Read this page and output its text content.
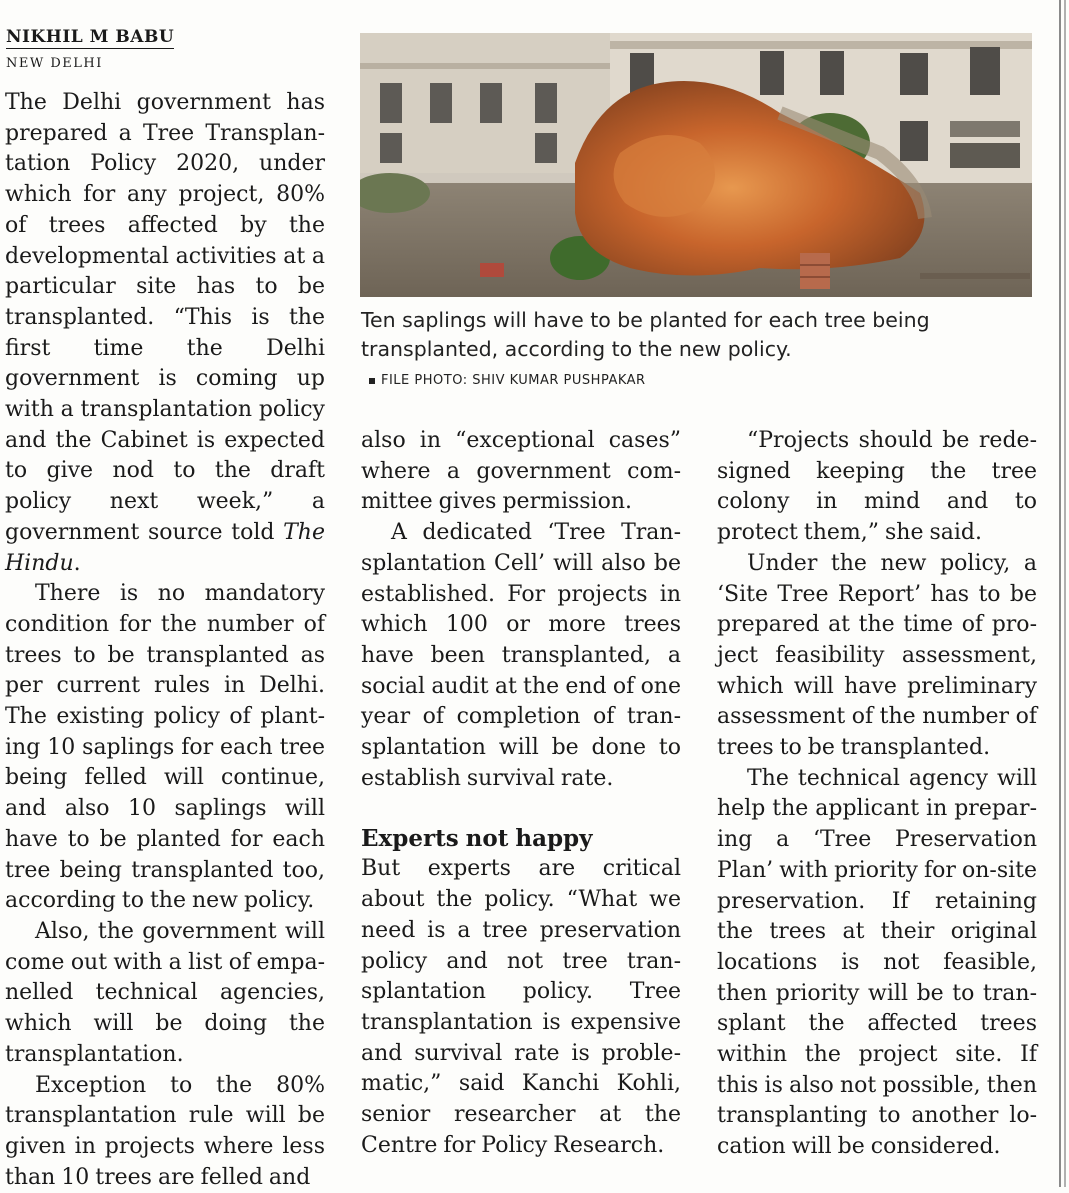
NIKHIL M BABU
NEW DELHI

The Delhi government has prepared a Tree Transplantation Policy 2020, under which for any project, 80% of trees affected by the developmental activities at a particular site has to be transplanted. “This is the first time the Delhi government is coming up with a transplantation policy and the Cabinet is expected to give nod to the draft policy next week,” a government source told The Hindu.

There is no mandatory condition for the number of trees to be transplanted as per current rules in Delhi. The existing policy of planting 10 saplings for each tree being felled will continue, and also 10 saplings will have to be planted for each tree being transplanted too, according to the new policy.

Also, the government will come out with a list of empanelled technical agencies, which will be doing the transplantation.

Exception to the 80% transplantation rule will be given in projects where less than 10 trees are felled and

Ten saplings will have to be planted for each tree being transplanted, according to the new policy.
FILE PHOTO: SHIV KUMAR PUSHPAKAR

also in “exceptional cases” where a government committee gives permission.

A dedicated ‘Tree Transplantation Cell’ will also be established. For projects in which 100 or more trees have been transplanted, a social audit at the end of one year of completion of transplantation will be done to establish survival rate.

Experts not happy

But experts are critical about the policy. “What we need is a tree preservation policy and not tree transplantation policy. Tree transplantation is expensive and survival rate is problematic,” said Kanchi Kohli, senior researcher at the Centre for Policy Research.

“Projects should be redesigned keeping the tree colony in mind and to protect them,” she said.

Under the new policy, a ‘Site Tree Report’ has to be prepared at the time of project feasibility assessment, which will have preliminary assessment of the number of trees to be transplanted.

The technical agency will help the applicant in preparing a ‘Tree Preservation Plan’ with priority for on-site preservation. If retaining the trees at their original locations is not feasible, then priority will be to transplant the affected trees within the project site. If this is also not possible, then transplanting to another location will be considered.
